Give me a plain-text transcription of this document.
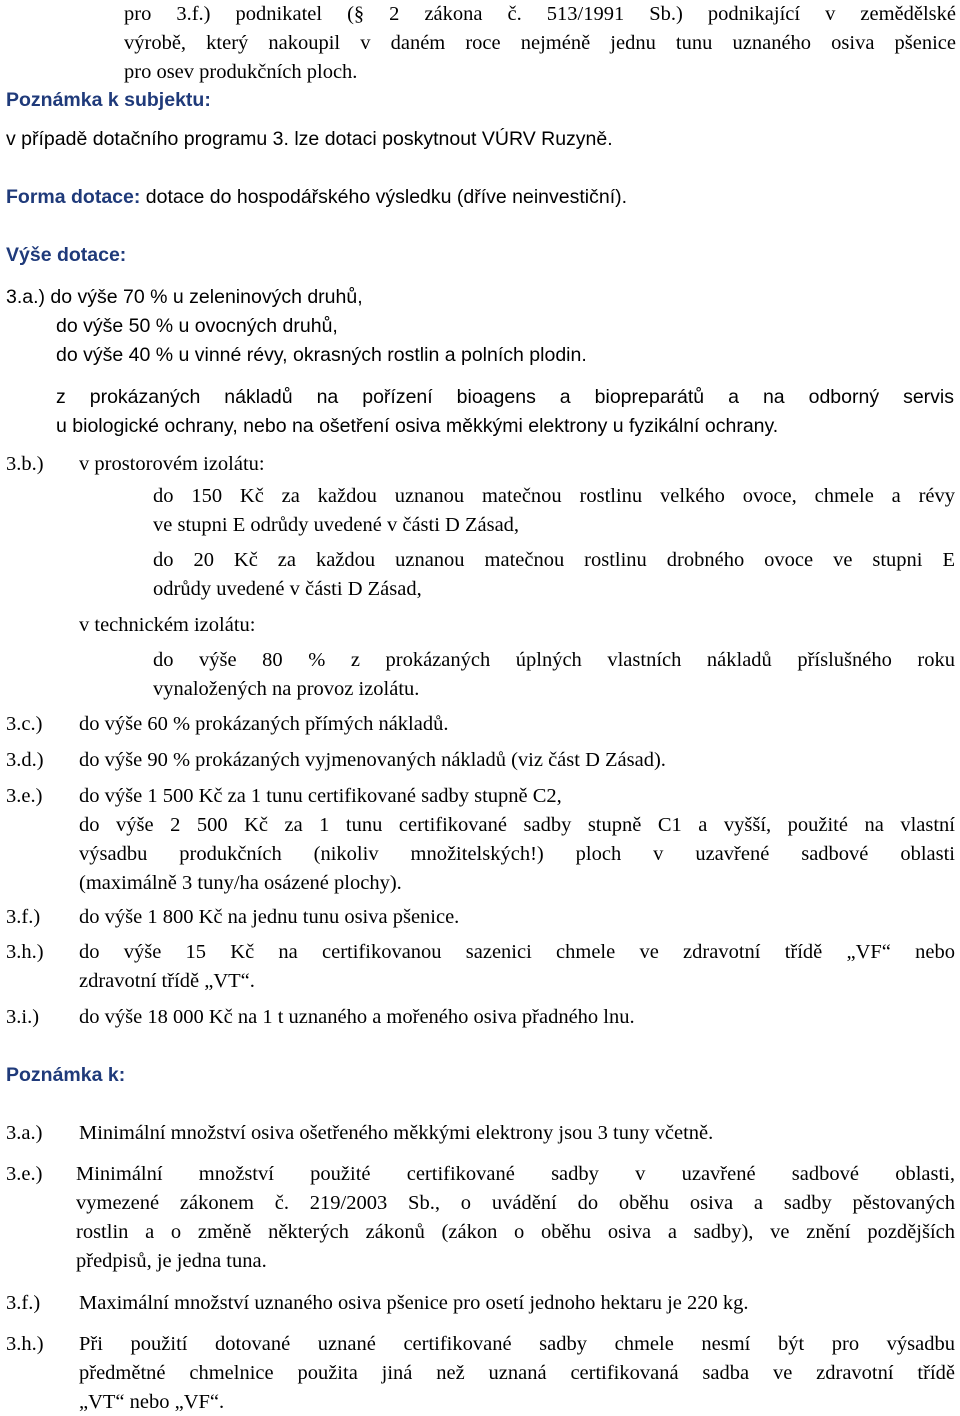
pro 3.f.) podnikatel (§ 2 zákona č. 513/1991 Sb.) podnikající v zemědělské
výrobě, který nakoupil v daném roce nejméně jednu tunu uznaného osiva pšenice
pro osev produkčních ploch.
Poznámka k subjektu:
v případě dotačního programu 3. lze dotaci poskytnout VÚRV Ruzyně.
Forma dotace: dotace do hospodářského výsledku (dříve neinvestiční).
Výše dotace:
3.a.) do výše 70 % u zeleninových druhů,
do výše 50 % u ovocných druhů,
do výše 40 % u vinné révy, okrasných rostlin a polních plodin.
z prokázaných nákladů na pořízení bioagens a biopreparátů a na odborný servis
u biologické ochrany, nebo na ošetření osiva měkkými elektrony u fyzikální ochrany.
3.b.) v prostorovém izolátu:
do 150 Kč za každou uznanou matečnou rostlinu velkého ovoce, chmele a révy
ve stupni E odrůdy uvedené v části D Zásad,
do 20 Kč za každou uznanou matečnou rostlinu drobného ovoce ve stupni E
odrůdy uvedené v části D Zásad,
v technickém izolátu:
do výše 80 % z prokázaných úplných vlastních nákladů příslušného roku
vynaložených na provoz izolátu.
3.c.) do výše 60 % prokázaných přímých nákladů.
3.d.) do výše 90 % prokázaných vyjmenovaných nákladů (viz část D Zásad).
3.e.) do výše 1 500 Kč za 1 tunu certifikované sadby stupně C2,
do výše 2 500 Kč za 1 tunu certifikované sadby stupně C1 a vyšší, použité na vlastní
výsadbu produkčních (nikoliv množitelských!) ploch v uzavřené sadbové oblasti
(maximálně 3 tuny/ha osázené plochy).
3.f.) do výše 1 800 Kč na jednu tunu osiva pšenice.
3.h.) do výše 15 Kč na certifikovanou sazenici chmele ve zdravotní třídě „VF“ nebo
zdravotní třídě „VT“.
3.i.) do výše 18 000 Kč na 1 t uznaného a mořeného osiva přadného lnu.
Poznámka k:
3.a.) Minimální množství osiva ošetřeného měkkými elektrony jsou 3 tuny včetně.
3.e.) Minimální množství použité certifikované sadby v uzavřené sadbové oblasti,
vymezené zákonem č. 219/2003 Sb., o uvádění do oběhu osiva a sadby pěstovaných
rostlin a o změně některých zákonů (zákon o oběhu osiva a sadby), ve znění pozdějších
předpisů, je jedna tuna.
3.f.) Maximální množství uznaného osiva pšenice pro osetí jednoho hektaru je 220 kg.
3.h.) Při použití dotované uznané certifikované sadby chmele nesmí být pro výsadbu
předmětné chmelnice použita jiná než uznaná certifikovaná sadba ve zdravotní třídě
„VT“ nebo „VF“.
